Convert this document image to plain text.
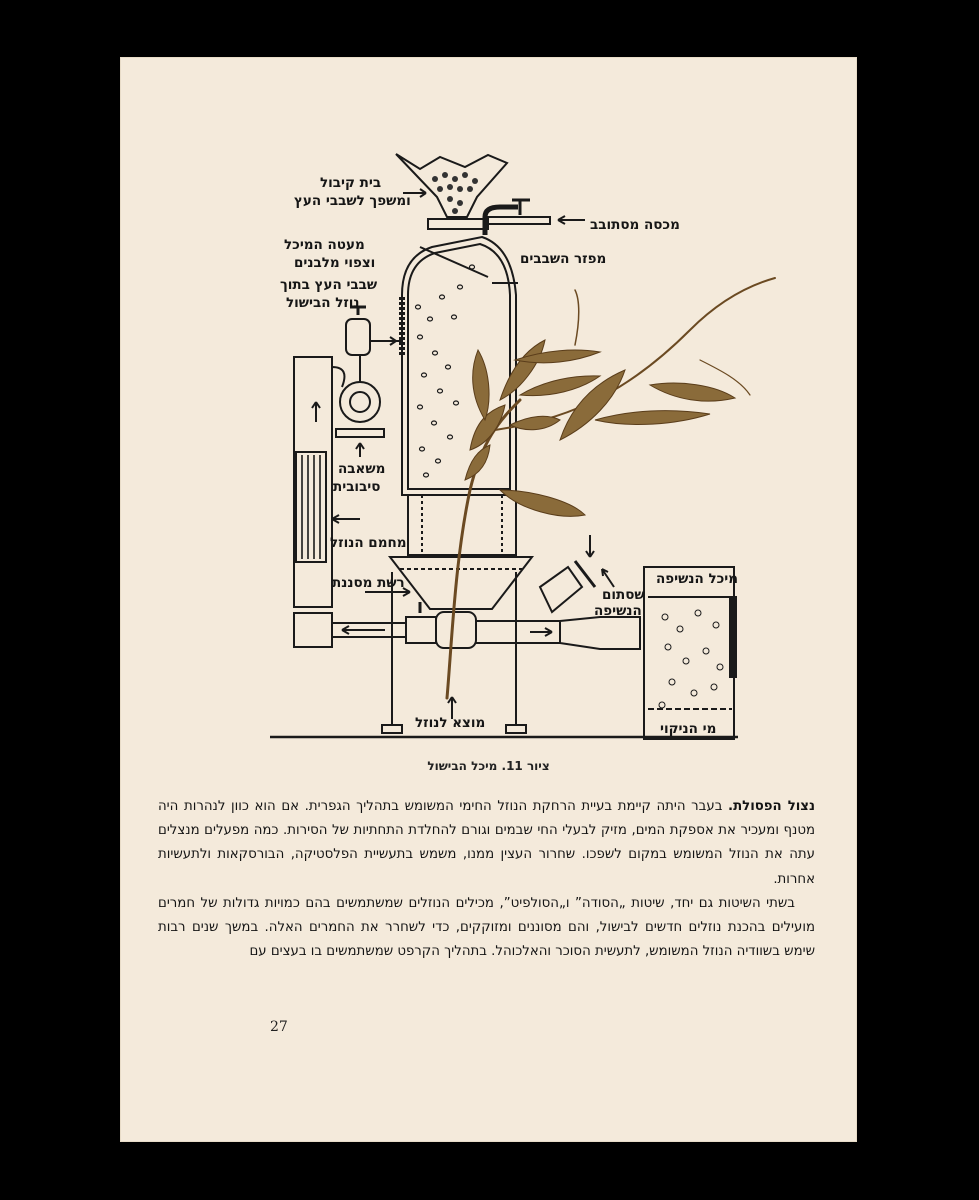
בית קיבול
ומשפך לשבבי העץ
מכסה מסתובב
מעטה המיכל
וצפוי מלבנים	מפזר השבבים
שבבי העץ בתוך
נוזל הבישול
משאבה
סיבובית
מחמם הנוזל
רשת מסננת	מיכל הנשיפה
שסתום
הנשיפה
מוצא לנוזל	מי הניקוי
ציור 11. מיכל הבישול

נצול הפסולת. בעבר היתה קיימת בעיית הרחקת הנוזל החימי המשומש בתהליך הגפרית. אם הוא כוון לנהרות היה מטנף ומעכיר את אספקת המים, מזיק לבעלי החי שבמים וגורם להחלדת התחתיות של הסירות. כמה מפעלים מנצלים עתה את הנוזל המשומש במקום לשפכו. שחרור העצין ממנו, משמש בתעשיית הפלסטיקה, הבורסקאות ולתעשיות אחרות.

בשתי השיטות גם יחד, שיטות „הסודה” ו„הסולפיט”, מכילים הנוזלים שמשתמשים בהם כמויות גדולות של חמרים מועילים בהכנת נוזלים חדשים לבישול, והם מסוננים ומזוקקים, כדי לשחרר את החמרים האלה. במשך שנים רבות שימש בשוודיה הנוזל המשומש, לתעשית הסוכר והאלכוהל. בתהליך הקרפט שמשתמשים בו בעצים עם

27
